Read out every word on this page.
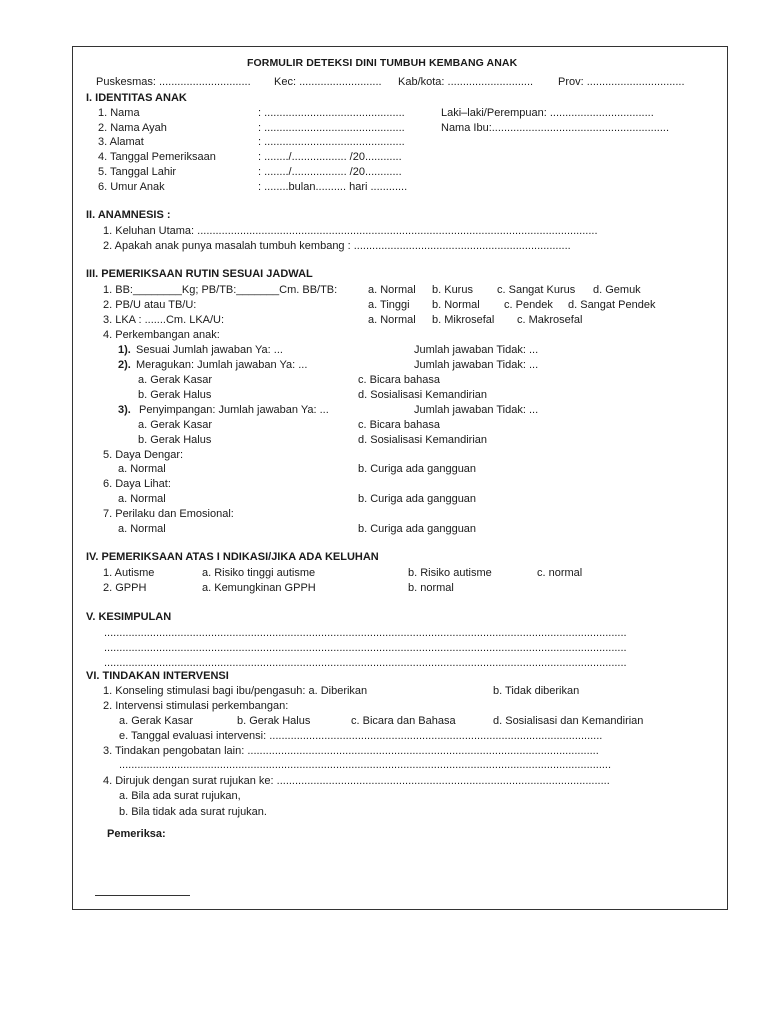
FORMULIR DETEKSI DINI TUMBUH KEMBANG ANAK
Puskesmas: .............................. Kec: ........................... Kab/kota: ............................ Prov: ................................
I. IDENTITAS ANAK
1. Nama	: ..............................................	Laki–laki/Perempuan: ..................................
2. Nama Ayah	: ..............................................	Nama Ibu:..........................................................
3. Alamat	: ..............................................
4. Tanggal Pemeriksaan	: ......../.................. /20............
5. Tanggal Lahir	: ......../.................. /20............
6. Umur Anak	: ........bulan.......... hari ............
II. ANAMNESIS :
1. Keluhan Utama: ...................................................................................................................................
2. Apakah anak punya masalah tumbuh kembang : .......................................................................
III. PEMERIKSAAN RUTIN SESUAI JADWAL
1. BB:________Kg; PB/TB:_______Cm. BB/TB:	a. Normal b. Kurus c. Sangat Kurus d. Gemuk
2. PB/U atau TB/U:	a. Tinggi b. Normal c. Pendek d. Sangat Pendek
3. LKA : .......Cm. LKA/U:	a. Normal b. Mikrosefal c. Makrosefal
4. Perkembangan anak:
1). Sesuai Jumlah jawaban Ya: ...	Jumlah jawaban Tidak: ...
2). Meragukan: Jumlah jawaban Ya: ...	Jumlah jawaban Tidak: ...
a. Gerak Kasar	c. Bicara bahasa
b. Gerak Halus	d. Sosialisasi Kemandirian
3). Penyimpangan: Jumlah jawaban Ya: ...	Jumlah jawaban Tidak: ...
a. Gerak Kasar	c. Bicara bahasa
b. Gerak Halus	d. Sosialisasi Kemandirian
5. Daya Dengar:
a. Normal	b. Curiga ada gangguan
6. Daya Lihat:
a. Normal	b. Curiga ada gangguan
7. Perilaku dan Emosional:
a. Normal	b. Curiga ada gangguan
IV. PEMERIKSAAN ATAS I NDIKASI/JIKA ADA KELUHAN
1. Autisme	a. Risiko tinggi autisme	b. Risiko autisme	c. normal
2. GPPH	a. Kemungkinan GPPH	b. normal
V. KESIMPULAN
...........................................................................................................................................................................
...........................................................................................................................................................................
...........................................................................................................................................................................
VI. TINDAKAN INTERVENSI
1. Konseling stimulasi bagi ibu/pengasuh: a. Diberikan	b. Tidak diberikan
2. Intervensi stimulasi perkembangan:
a. Gerak Kasar	b. Gerak Halus	c. Bicara dan Bahasa	d. Sosialisasi dan Kemandirian
e. Tanggal evaluasi intervensi: .............................................................................................................
3. Tindakan pengobatan lain: ...................................................................................................................
.................................................................................................................................................................
4. Dirujuk dengan surat rujukan ke: .............................................................................................................
a. Bila ada surat rujukan,
b. Bila tidak ada surat rujukan.
Pemeriksa:
